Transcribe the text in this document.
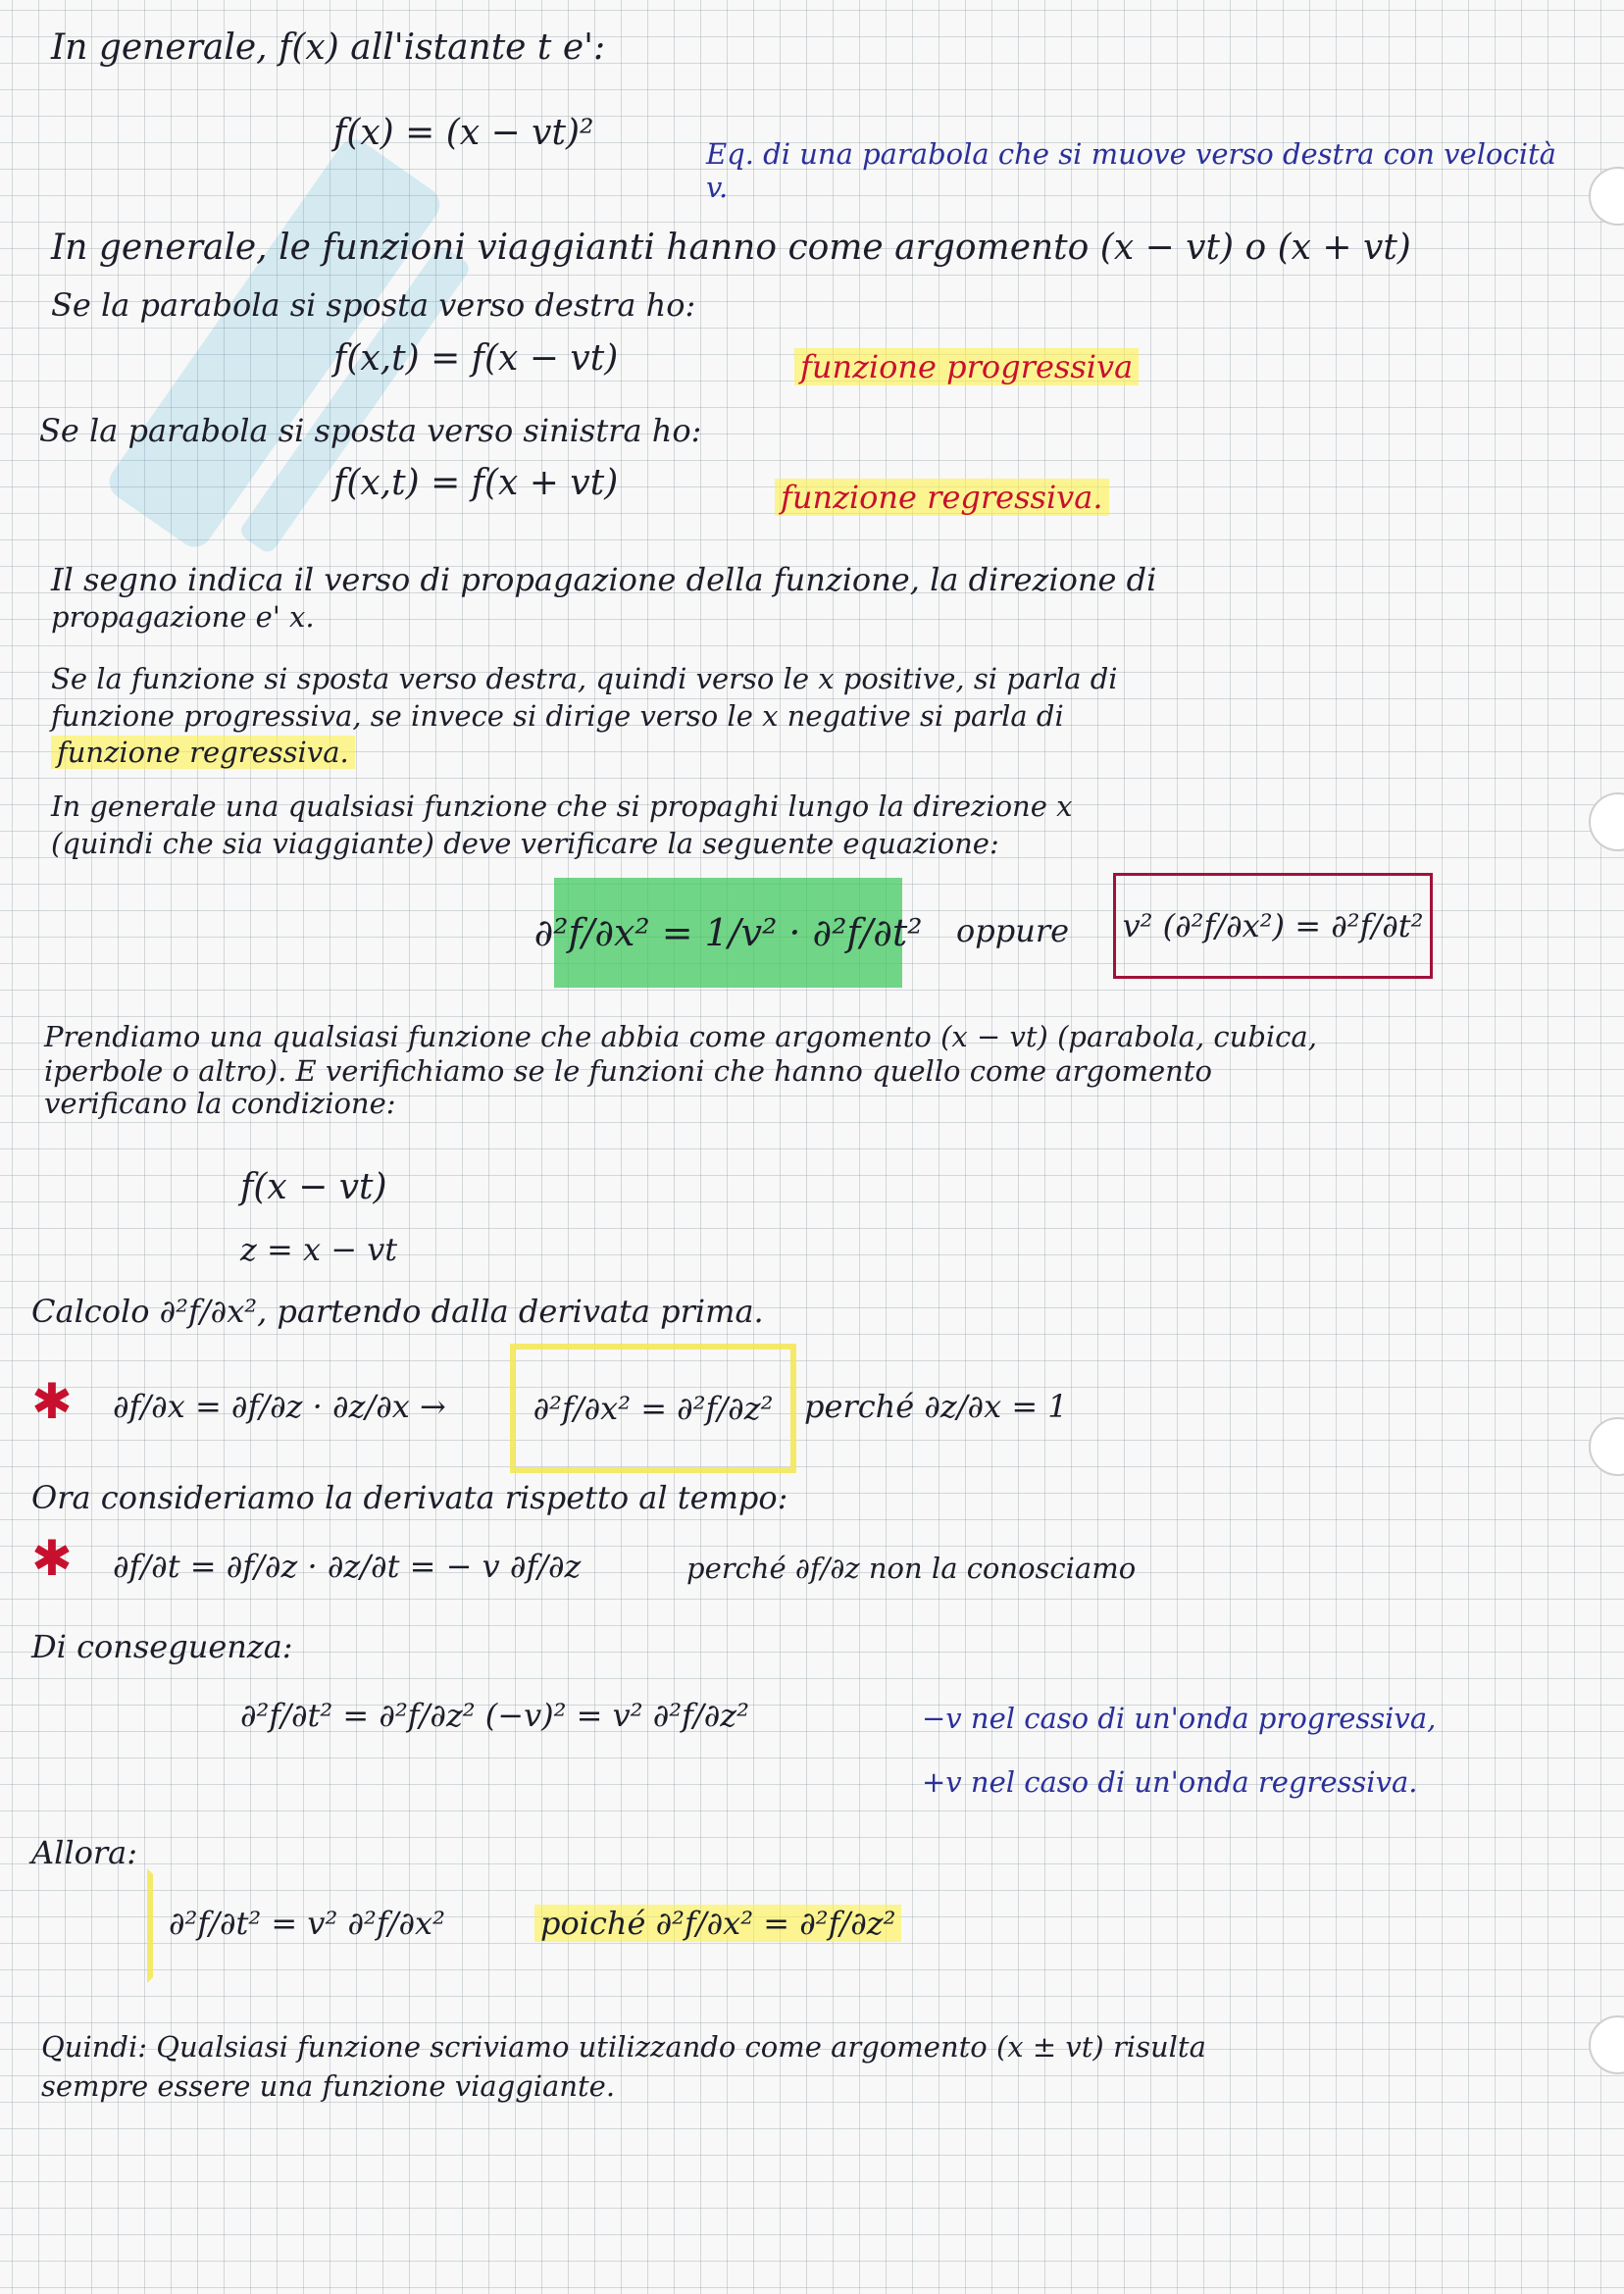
In generale, f(x) all'istante t e':
f(x) = (x − vt)²
Eq. di una parabola che si muove verso destra con velocità v.
In generale, le funzioni viaggianti hanno come argomento (x − vt) o (x + vt)
Se la parabola si sposta verso destra ho:
f(x,t) = f(x − vt)	funzione progressiva
Se la parabola si sposta verso sinistra ho:
f(x,t) = f(x + vt)	funzione regressiva.
Il segno indica il verso di propagazione della funzione, la direzione di
propagazione e' x.
Se la funzione si sposta verso destra, quindi verso le x positive, si parla di
funzione progressiva, se invece si dirige verso le x negative si parla di
funzione regressiva.
In generale una qualsiasi funzione che si propaghi lungo la direzione x
(quindi che sia viaggiante) deve verificare la seguente equazione:
∂²f/∂x² = 1/v² · ∂²f/∂t² oppure v² (∂²f/∂x²) = ∂²f/∂t²
Prendiamo una qualsiasi funzione che abbia come argomento (x − vt) (parabola, cubica,
iperbole o altro). E verifichiamo se le funzioni che hanno quello come argomento
verificano la condizione:
f(x − vt)
z = x − vt
Calcolo ∂²f/∂x², partendo dalla derivata prima.
✱ ∂f/∂x = ∂f/∂z · ∂z/∂x →	∂²f/∂x² = ∂²f/∂z² perché ∂z/∂x = 1
Ora consideriamo la derivata rispetto al tempo:
✱ ∂f/∂t = ∂f/∂z · ∂z/∂t = − v ∂f/∂z	perché ∂f/∂z non la conosciamo
Di conseguenza:
∂²f/∂t² = ∂²f/∂z² (−v)² = v² ∂²f/∂z²	−v nel caso di un'onda progressiva,
+v nel caso di un'onda regressiva.
Allora:
∂²f/∂t² = v² ∂²f/∂x²	poiché ∂²f/∂x² = ∂²f/∂z²
Quindi: Qualsiasi funzione scriviamo utilizzando come argomento (x ± vt) risulta
sempre essere una funzione viaggiante.
